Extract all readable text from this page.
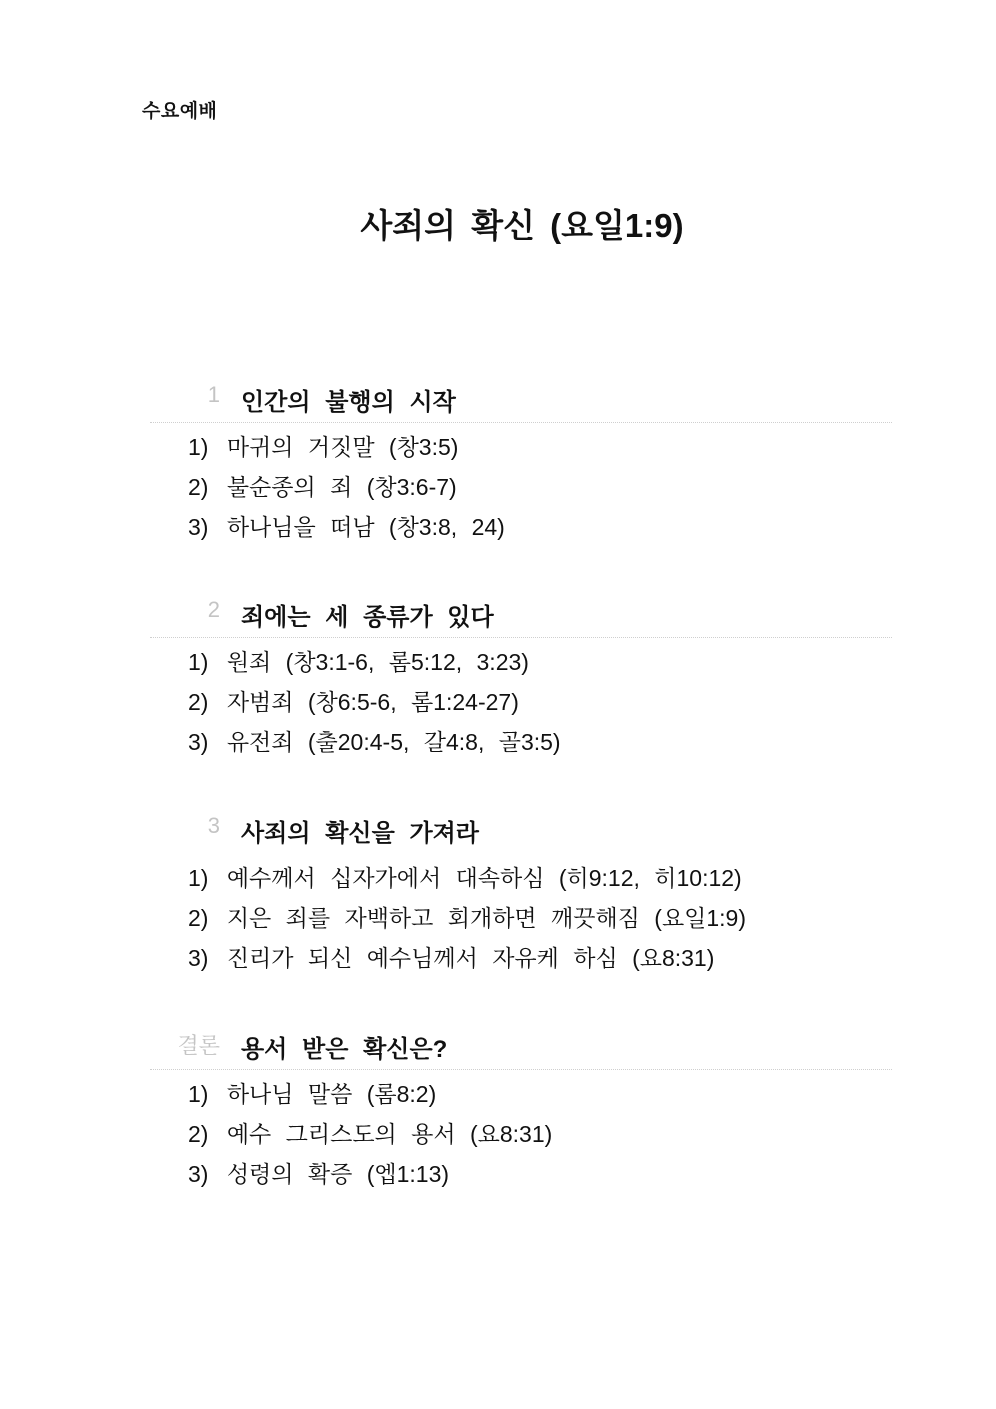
수요예배
사죄의 확신 (요일1:9)
1 인간의 불행의 시작
1) 마귀의 거짓말 (창3:5)
2) 불순종의 죄 (창3:6-7)
3) 하나님을 떠남 (창3:8, 24)
2 죄에는 세 종류가 있다
1) 원죄 (창3:1-6, 롬5:12, 3:23)
2) 자범죄 (창6:5-6, 롬1:24-27)
3) 유전죄 (출20:4-5, 갈4:8, 골3:5)
3 사죄의 확신을 가져라
1) 예수께서 십자가에서 대속하심 (히9:12, 히10:12)
2) 지은 죄를 자백하고 회개하면 깨끗해짐 (요일1:9)
3) 진리가 되신 예수님께서 자유케 하심 (요8:31)
결론 용서 받은 확신은?
1) 하나님 말씀 (롬8:2)
2) 예수 그리스도의 용서 (요8:31)
3) 성령의 확증 (엡1:13)
